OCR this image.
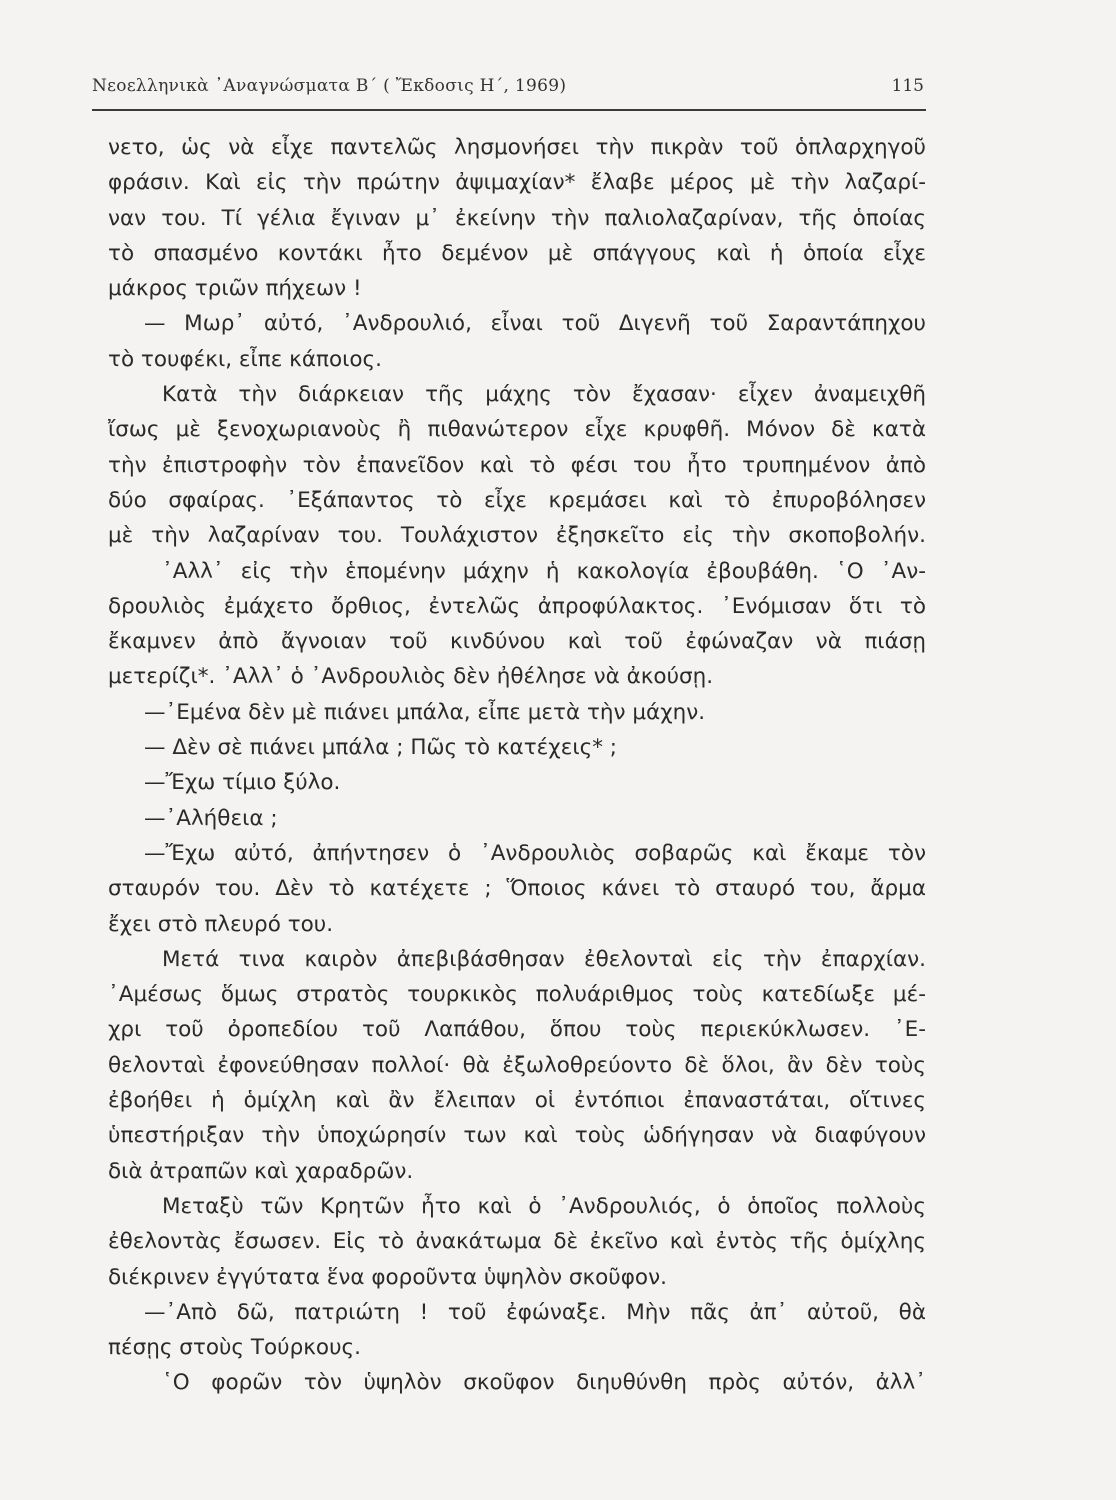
Νεοελληνικὰ ᾿Αναγνώσματα Β΄ ( Ἔκδοσις Η΄, 1969)	115
νετο, ὡς νὰ εἶχε παντελῶς λησμονήσει τὴν πικρὰν τοῦ ὁπλαρχηγοῦ
φράσιν. Καὶ εἰς τὴν πρώτην ἀψιμαχίαν* ἔλαβε μέρος μὲ τὴν λαζαρί-
ναν του. Τί γέλια ἔγιναν μ᾿ ἐκείνην τὴν παλιολαζαρίναν, τῆς ὁποίας
τὸ σπασμένο κοντάκι ἦτο δεμένον μὲ σπάγγους καὶ ἡ ὁποία εἶχε
μάκρος τριῶν πήχεων !
— Μωρ᾿ αὐτό, ᾿Ανδρουλιό, εἶναι τοῦ Διγενῆ τοῦ Σαραντάπηχου
τὸ τουφέκι, εἶπε κάποιος.
Κατὰ τὴν διάρκειαν τῆς μάχης τὸν ἔχασαν· εἶχεν ἀναμειχθῆ
ἴσως μὲ ξενοχωριανοὺς ἢ πιθανώτερον εἶχε κρυφθῆ. Μόνον δὲ κατὰ
τὴν ἐπιστροφὴν τὸν ἐπανεῖδον καὶ τὸ φέσι του ἦτο τρυπημένον ἀπὸ
δύο σφαίρας. ᾿Εξάπαντος τὸ εἶχε κρεμάσει καὶ τὸ ἐπυροβόλησεν
μὲ τὴν λαζαρίναν του. Τουλάχιστον ἐξησκεῖτο εἰς τὴν σκοποβολήν.
᾿Αλλ᾿ εἰς τὴν ἑπομένην μάχην ἡ κακολογία ἐβουβάθη. ῾Ο ᾿Αν-
δρουλιὸς ἐμάχετο ὄρθιος, ἐντελῶς ἀπροφύλακτος. ᾿Ενόμισαν ὅτι τὸ
ἔκαμνεν ἀπὸ ἄγνοιαν τοῦ κινδύνου καὶ τοῦ ἐφώναζαν νὰ πιάσῃ
μετερίζι*. ᾿Αλλ᾿ ὁ ᾿Ανδρουλιὸς δὲν ἠθέλησε νὰ ἀκούσῃ.
—᾿Εμένα δὲν μὲ πιάνει μπάλα, εἶπε μετὰ τὴν μάχην.
— Δὲν σὲ πιάνει μπάλα ; Πῶς τὸ κατέχεις* ;
—Ἔχω τίμιο ξύλο.
—᾿Αλήθεια ;
—Ἔχω αὐτό, ἀπήντησεν ὁ ᾿Ανδρουλιὸς σοβαρῶς καὶ ἔκαμε τὸν
σταυρόν του. Δὲν τὸ κατέχετε ; Ὅποιος κάνει τὸ σταυρό του, ἄρμα
ἔχει στὸ πλευρό του.
Μετά τινα καιρὸν ἀπεβιβάσθησαν ἐθελονταὶ εἰς τὴν ἐπαρχίαν.
᾿Αμέσως ὅμως στρατὸς τουρκικὸς πολυάριθμος τοὺς κατεδίωξε μέ-
χρι τοῦ ὀροπεδίου τοῦ Λαπάθου, ὅπου τοὺς περιεκύκλωσεν. ᾿Ε-
θελονταὶ ἐφονεύθησαν πολλοί· θὰ ἐξωλοθρεύοντο δὲ ὅλοι, ἂν δὲν τοὺς
ἐβοήθει ἡ ὁμίχλη καὶ ἂν ἔλειπαν οἱ ἐντόπιοι ἐπαναστάται, οἵτινες
ὑπεστήριξαν τὴν ὑποχώρησίν των καὶ τοὺς ὡδήγησαν νὰ διαφύγουν
διὰ ἀτραπῶν καὶ χαραδρῶν.
Μεταξὺ τῶν Κρητῶν ἦτο καὶ ὁ ᾿Ανδρουλιός, ὁ ὁποῖος πολλοὺς
ἐθελοντὰς ἔσωσεν. Εἰς τὸ ἀνακάτωμα δὲ ἐκεῖνο καὶ ἐντὸς τῆς ὁμίχλης
διέκρινεν ἐγγύτατα ἕνα φοροῦντα ὑψηλὸν σκοῦφον.
—᾿Απὸ δῶ, πατριώτη ! τοῦ ἐφώναξε. Μὴν πᾶς ἀπ᾿ αὐτοῦ, θὰ
πέσῃς στοὺς Τούρκους.
῾Ο φορῶν τὸν ὑψηλὸν σκοῦφον διηυθύνθη πρὸς αὐτόν, ἀλλ᾿
